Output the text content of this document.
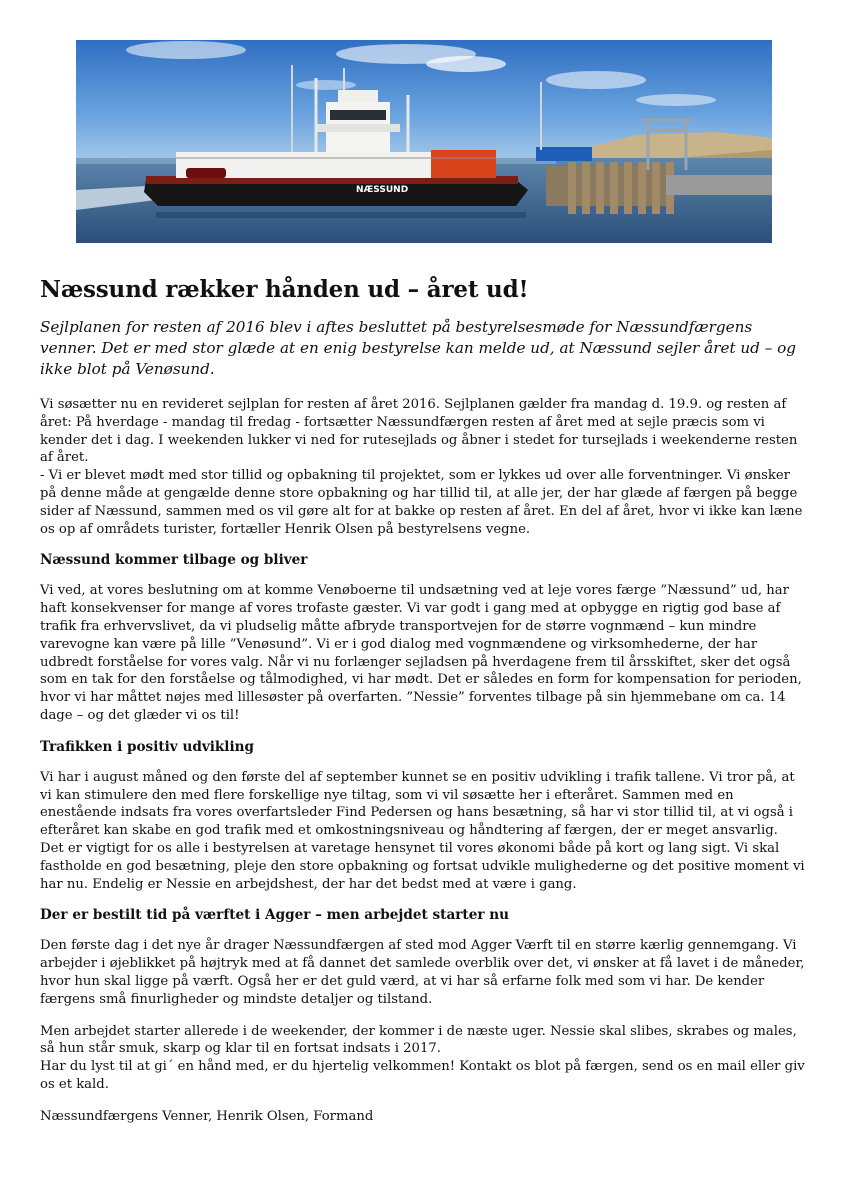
NÆSSUND
Næssund rækker hånden ud – året ud!

Sejlplanen for resten af 2016 blev i aftes besluttet på bestyrelsesmøde for Næssundfærgens venner. Det er med stor glæde at en enig bestyrelse kan melde ud, at Næssund sejler året ud – og ikke blot på Venøsund.

Vi søsætter nu en revideret sejlplan for resten af året 2016. Sejlplanen gælder fra mandag d. 19.9. og resten af året: På hverdage - mandag til fredag - fortsætter Næssundfærgen resten af året med at sejle præcis som vi kender det i dag. I weekenden lukker vi ned for rutesejlads og åbner i stedet for tursejlads i weekenderne resten af året.

- Vi er blevet mødt med stor tillid og opbakning til projektet, som er lykkes ud over alle forventninger. Vi ønsker på denne måde at gengælde denne store opbakning og har tillid til, at alle jer, der har glæde af færgen på begge sider af Næssund, sammen med os vil gøre alt for at bakke op resten af året. En del af året, hvor vi ikke kan læne os op af områdets turister, fortæller Henrik Olsen på bestyrelsens vegne.

Næssund kommer tilbage og bliver

Vi ved, at vores beslutning om at komme Venøboerne til undsætning ved at leje vores færge ”Næssund” ud, har haft konsekvenser for mange af vores trofaste gæster. Vi var godt i gang med at opbygge en rigtig god base af trafik fra erhvervslivet, da vi pludselig måtte afbryde transportvejen for de større vognmænd – kun mindre varevogne kan være på lille ”Venøsund”. Vi er i god dialog med vognmændene og virksomhederne, der har udbredt forståelse for vores valg. Når vi nu forlænger sejladsen på hverdagene frem til årsskiftet, sker det også som en tak for den forståelse og tålmodighed, vi har mødt. Det er således en form for kompensation for perioden, hvor vi har måttet nøjes med lillesøster på overfarten. ”Nessie” forventes tilbage på sin hjemmebane om ca. 14 dage – og det glæder vi os til!

Trafikken i positiv udvikling

Vi har i august måned og den første del af september kunnet se en positiv udvikling i trafik tallene. Vi tror på, at vi kan stimulere den med flere forskellige nye tiltag, som vi vil søsætte her i efteråret. Sammen med en enestående indsats fra vores overfartsleder Find Pedersen og hans besætning, så har vi stor tillid til, at vi også i efteråret kan skabe en god trafik med et omkostningsniveau og håndtering af færgen, der er meget ansvarlig.

Det er vigtigt for os alle i bestyrelsen at varetage hensynet til vores økonomi både på kort og lang sigt. Vi skal fastholde en god besætning, pleje den store opbakning og fortsat udvikle mulighederne og det positive moment vi har nu. Endelig er Nessie en arbejdshest, der har det bedst med at være i gang.

Der er bestilt tid på værftet i Agger – men arbejdet starter nu

Den første dag i det nye år drager Næssundfærgen af sted mod Agger Værft til en større kærlig gennemgang. Vi arbejder i øjeblikket på højtryk med at få dannet det samlede overblik over det, vi ønsker at få lavet i de måneder, hvor hun skal ligge på værft. Også her er det guld værd, at vi har så erfarne folk med som vi har. De kender færgens små finurligheder og mindste detaljer og tilstand.

Men arbejdet starter allerede i de weekender, der kommer i de næste uger. Nessie skal slibes, skrabes og males, så hun står smuk, skarp og klar til en fortsat indsats i 2017.

Har du lyst til at gi´ en hånd med, er du hjertelig velkommen! Kontakt os blot på færgen, send os en mail eller giv os et kald.

Næssundfærgens Venner, Henrik Olsen, Formand
